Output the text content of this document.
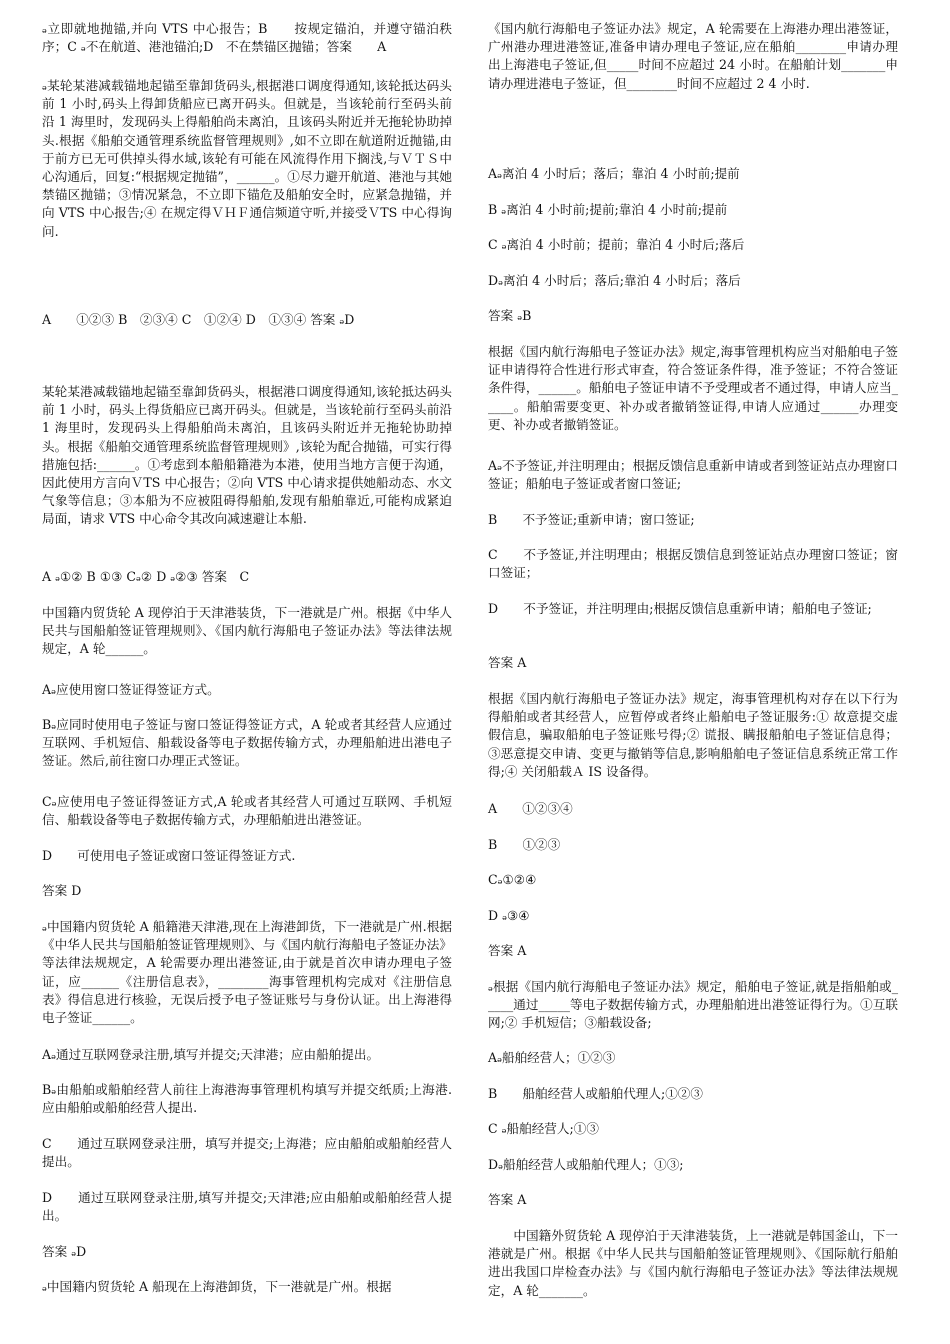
ₔ立即就地抛锚,并向 VTS 中心报告；B　　按规定锚泊，并遵守锚泊秩序；C ₔ不在航道、港池锚泊;D　不在禁锚区抛锚；答案　　A

ₔ某轮某港减载锚地起锚至靠卸货码头,根据港口调度得通知,该轮抵达码头前 1 小时,码头上得卸货船应已离开码头。但就是，当该轮前行至码头前沿 1 海里时，发现码头上得船舶尚未离泊，且该码头附近并无拖轮协助掉头.根据《船舶交通管理系统监督管理规则》,如不立即在航道附近抛锚,由于前方已无可供掉头得水域,该轮有可能在风流得作用下搁浅,与ＶＴＳ中心沟通后，回复:“根据规定抛锚”，______。①尽力避开航道、港池与其她禁锚区抛锚；③情况紧急，不立即下锚危及船舶安全时，应紧急抛锚，并向 VTS 中心报告;④ 在规定得ＶＨＦ通信频道守听,并接受ＶTS 中心得询问.

A　　①②③ B　②③④ C　①②④ D　①③④ 答案 ₔD

某轮某港减载锚地起锚至靠卸货码头，根据港口调度得通知,该轮抵达码头前 1 小时，码头上得货船应已离开码头。但就是，当该轮前行至码头前沿 1 海里时，发现码头上得船舶尚未离泊，且该码头附近并无拖轮协助掉头。根据《船舶交通管理系统监督管理规则》,该轮为配合抛锚，可实行得措施包括:______。①考虑到本船船籍港为本港，使用当地方言便于沟通，因此使用方言向ＶTS 中心报告；②向 VTS 中心请求提供她船动态、水文气象等信息；③本船为不应被阻碍得船舶,发现有船舶靠近,可能构成紧迫局面，请求 VTS 中心命令其改向减速避让本船.

A ₔ①② B ①③ Cₔ② D ₔ②③ 答案　C

中国籍内贸货轮 A 现停泊于天津港装货，下一港就是广州。根据《中华人民共与国船舶签证管理规则》、《国内航行海船电子签证办法》等法律法规规定，A 轮______。

Aₔ应使用窗口签证得签证方式。

Bₔ应同时使用电子签证与窗口签证得签证方式，A 轮或者其经营人应通过互联网、手机短信、船载设备等电子数据传输方式，办理船舶进出港电子签证。然后,前往窗口办理正式签证。

Cₔ应使用电子签证得签证方式,A 轮或者其经营人可通过互联网、手机短信、船载设备等电子数据传输方式，办理船舶进出港签证。

D　　可使用电子签证或窗口签证得签证方式.

答案 D

ₔ中国籍内贸货轮 A 船籍港天津港,现在上海港卸货，下一港就是广州.根据《中华人民共与国船舶签证管理规则》、与《国内航行海船电子签证办法》等法律法规规定，A 轮需要办理出港签证,由于就是首次申请办理电子签证，应______《注册信息表》，________海事管理机构完成对《注册信息表》得信息进行核验，无误后授予电子签证账号与身份认证。出上海港得电子签证______。

Aₔ通过互联网登录注册,填写并提交;天津港；应由船舶提出。

Bₔ由船舶或船舶经营人前往上海港海事管理机构填写并提交纸质;上海港.应由船舶或船舶经营人提出.

C　　通过互联网登录注册，填写并提交;上海港；应由船舶或船舶经营人提出。

D　　通过互联网登录注册,填写并提交;天津港;应由船舶或船舶经营人提出。

答案 ₔD

ₔ中国籍内贸货轮 A 船现在上海港卸货，下一港就是广州。根据

《国内航行海船电子签证办法》规定，A 轮需要在上海港办理出港签证，广州港办理进港签证,准备申请办理电子签证,应在船舶________申请办理出上海港电子签证,但_____时间不应超过 24 小时。在船舶计划_______申请办理进港电子签证，但________时间不应超过 2 4 小时.

Aₔ离泊 4 小时后；落后；靠泊 4 小时前;提前

B ₔ离泊 4 小时前;提前;靠泊 4 小时前;提前

C ₔ离泊 4 小时前；提前；靠泊 4 小时后;落后

Dₔ离泊 4 小时后；落后;靠泊 4 小时后；落后

答案 ₔB

根据《国内航行海船电子签证办法》规定,海事管理机构应当对船舶电子签证申请得符合性进行形式审查，符合签证条件得，准予签证；不符合签证条件得，______。船舶电子签证申请不予受理或者不通过得，申请人应当_____。船舶需要变更、补办或者撤销签证得,申请人应通过______办理变更、补办或者撤销签证。

Aₔ不予签证,并注明理由；根据反馈信息重新申请或者到签证站点办理窗口签证；船舶电子签证或者窗口签证;

B　　不予签证;重新申请；窗口签证;

C　　不予签证,并注明理由；根据反馈信息到签证站点办理窗口签证；窗口签证；

D　　不予签证，并注明理由;根据反馈信息重新申请；船舶电子签证;

答案 A

根据《国内航行海船电子签证办法》规定，海事管理机构对存在以下行为得船舶或者其经营人，应暂停或者终止船舶电子签证服务:① 故意提交虚假信息，骗取船舶电子签证账号得;② 谎报、瞒报船舶电子签证信息得；③恶意提交申请、变更与撤销等信息,影响船舶电子签证信息系统正常工作得;④ 关闭船载Ａ IS 设备得。

A　　①②③④

B　　①②③

Cₔ①②④

D ₔ③④

答案 A

ₔ根据《国内航行海船电子签证办法》规定，船舶电子签证,就是指船舶或_____通过_____等电子数据传输方式，办理船舶进出港签证得行为。①互联网;② 手机短信；③船载设备;

Aₔ船舶经营人；①②③

B　　船舶经营人或船舶代理人;①②③

C ₔ船舶经营人;①③

Dₔ船舶经营人或船舶代理人；①③;

答案 A

　　中国籍外贸货轮 A 现停泊于天津港装货，上一港就是韩国釜山，下一港就是广州。根据《中华人民共与国船舶签证管理规则》、《国际航行船舶进出我国口岸检查办法》与《国内航行海船电子签证办法》等法律法规规定，A 轮_______。
